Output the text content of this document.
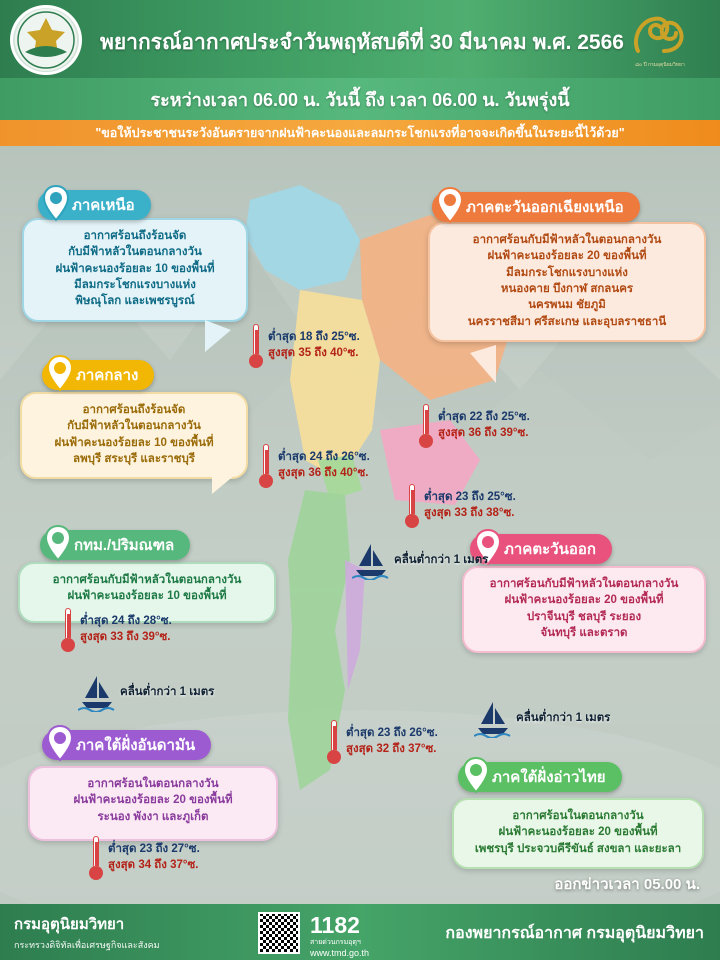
พยากรณ์อากาศประจำวันพฤหัสบดีที่ 30 มีนาคม พ.ศ. 2566
๘๐ ปี กรมอุตุนิยมวิทยา
ระหว่างเวลา 06.00 น. วันนี้ ถึง เวลา 06.00 น. วันพรุ่งนี้
"ขอให้ประชาชนระวังอันตรายจากฝนฟ้าคะนองและลมกระโชกแรงที่อาจจะเกิดขึ้นในระยะนี้ไว้ด้วย"
อากาศร้อนถึงร้อนจัด
กับมีฟ้าหลัวในตอนกลางวัน
ฝนฟ้าคะนองร้อยละ 10 ของพื้นที่
มีลมกระโชกแรงบางแห่ง
พิษณุโลก และเพชรบูรณ์
ภาคเหนือ
ต่ำสุด 18 ถึง 25°ซ.
สูงสุด 35 ถึง 40°ซ.
อากาศร้อนกับมีฟ้าหลัวในตอนกลางวัน
ฝนฟ้าคะนองร้อยละ 20 ของพื้นที่
มีลมกระโชกแรงบางแห่ง
หนองคาย บึงกาฬ สกลนคร
นครพนม ชัยภูมิ
นครราชสีมา ศรีสะเกษ และอุบลราชธานี
ภาคตะวันออกเฉียงเหนือ
ต่ำสุด 22 ถึง 25°ซ.
สูงสุด 36 ถึง 39°ซ.
อากาศร้อนถึงร้อนจัด
กับมีฟ้าหลัวในตอนกลางวัน
ฝนฟ้าคะนองร้อยละ 10 ของพื้นที่
ลพบุรี สระบุรี และราชบุรี
ภาคกลาง
ต่ำสุด 24 ถึง 26°ซ.
สูงสุด 36 ถึง 40°ซ.
อากาศร้อนกับมีฟ้าหลัวในตอนกลางวัน
ฝนฟ้าคะนองร้อยละ 10 ของพื้นที่
ต่ำสุด 24 ถึง 28°ซ.
สูงสุด 33 ถึง 39°ซ.
กทม./ปริมณฑล
อากาศร้อนกับมีฟ้าหลัวในตอนกลางวัน
ฝนฟ้าคะนองร้อยละ 20 ของพื้นที่
ปราจีนบุรี ชลบุรี ระยอง
จันทบุรี และตราด
ภาคตะวันออก
ต่ำสุด 23 ถึง 25°ซ.
สูงสุด 33 ถึง 38°ซ.
อากาศร้อนในตอนกลางวัน
ฝนฟ้าคะนองร้อยละ 20 ของพื้นที่
ระนอง พังงา และภูเก็ต
ต่ำสุด 23 ถึง 27°ซ.
สูงสุด 34 ถึง 37°ซ.
ภาคใต้ฝั่งอันดามัน
อากาศร้อนในตอนกลางวัน
ฝนฟ้าคะนองร้อยละ 20 ของพื้นที่
เพชรบุรี ประจวบคีรีขันธ์ สงขลา และยะลา
ภาคใต้ฝั่งอ่าวไทย
ต่ำสุด 23 ถึง 26°ซ.
สูงสุด 32 ถึง 37°ซ.
คลื่นต่ำกว่า 1 เมตร
คลื่นต่ำกว่า 1 เมตร
คลื่นต่ำกว่า 1 เมตร
ออกข่าวเวลา 05.00 น.
กรมอุตุนิยมวิทยา
กระทรวงดิจิทัลเพื่อเศรษฐกิจและสังคม
1182
สายด่วนกรมอุตุฯ
www.tmd.go.th
กองพยากรณ์อากาศ กรมอุตุนิยมวิทยา
